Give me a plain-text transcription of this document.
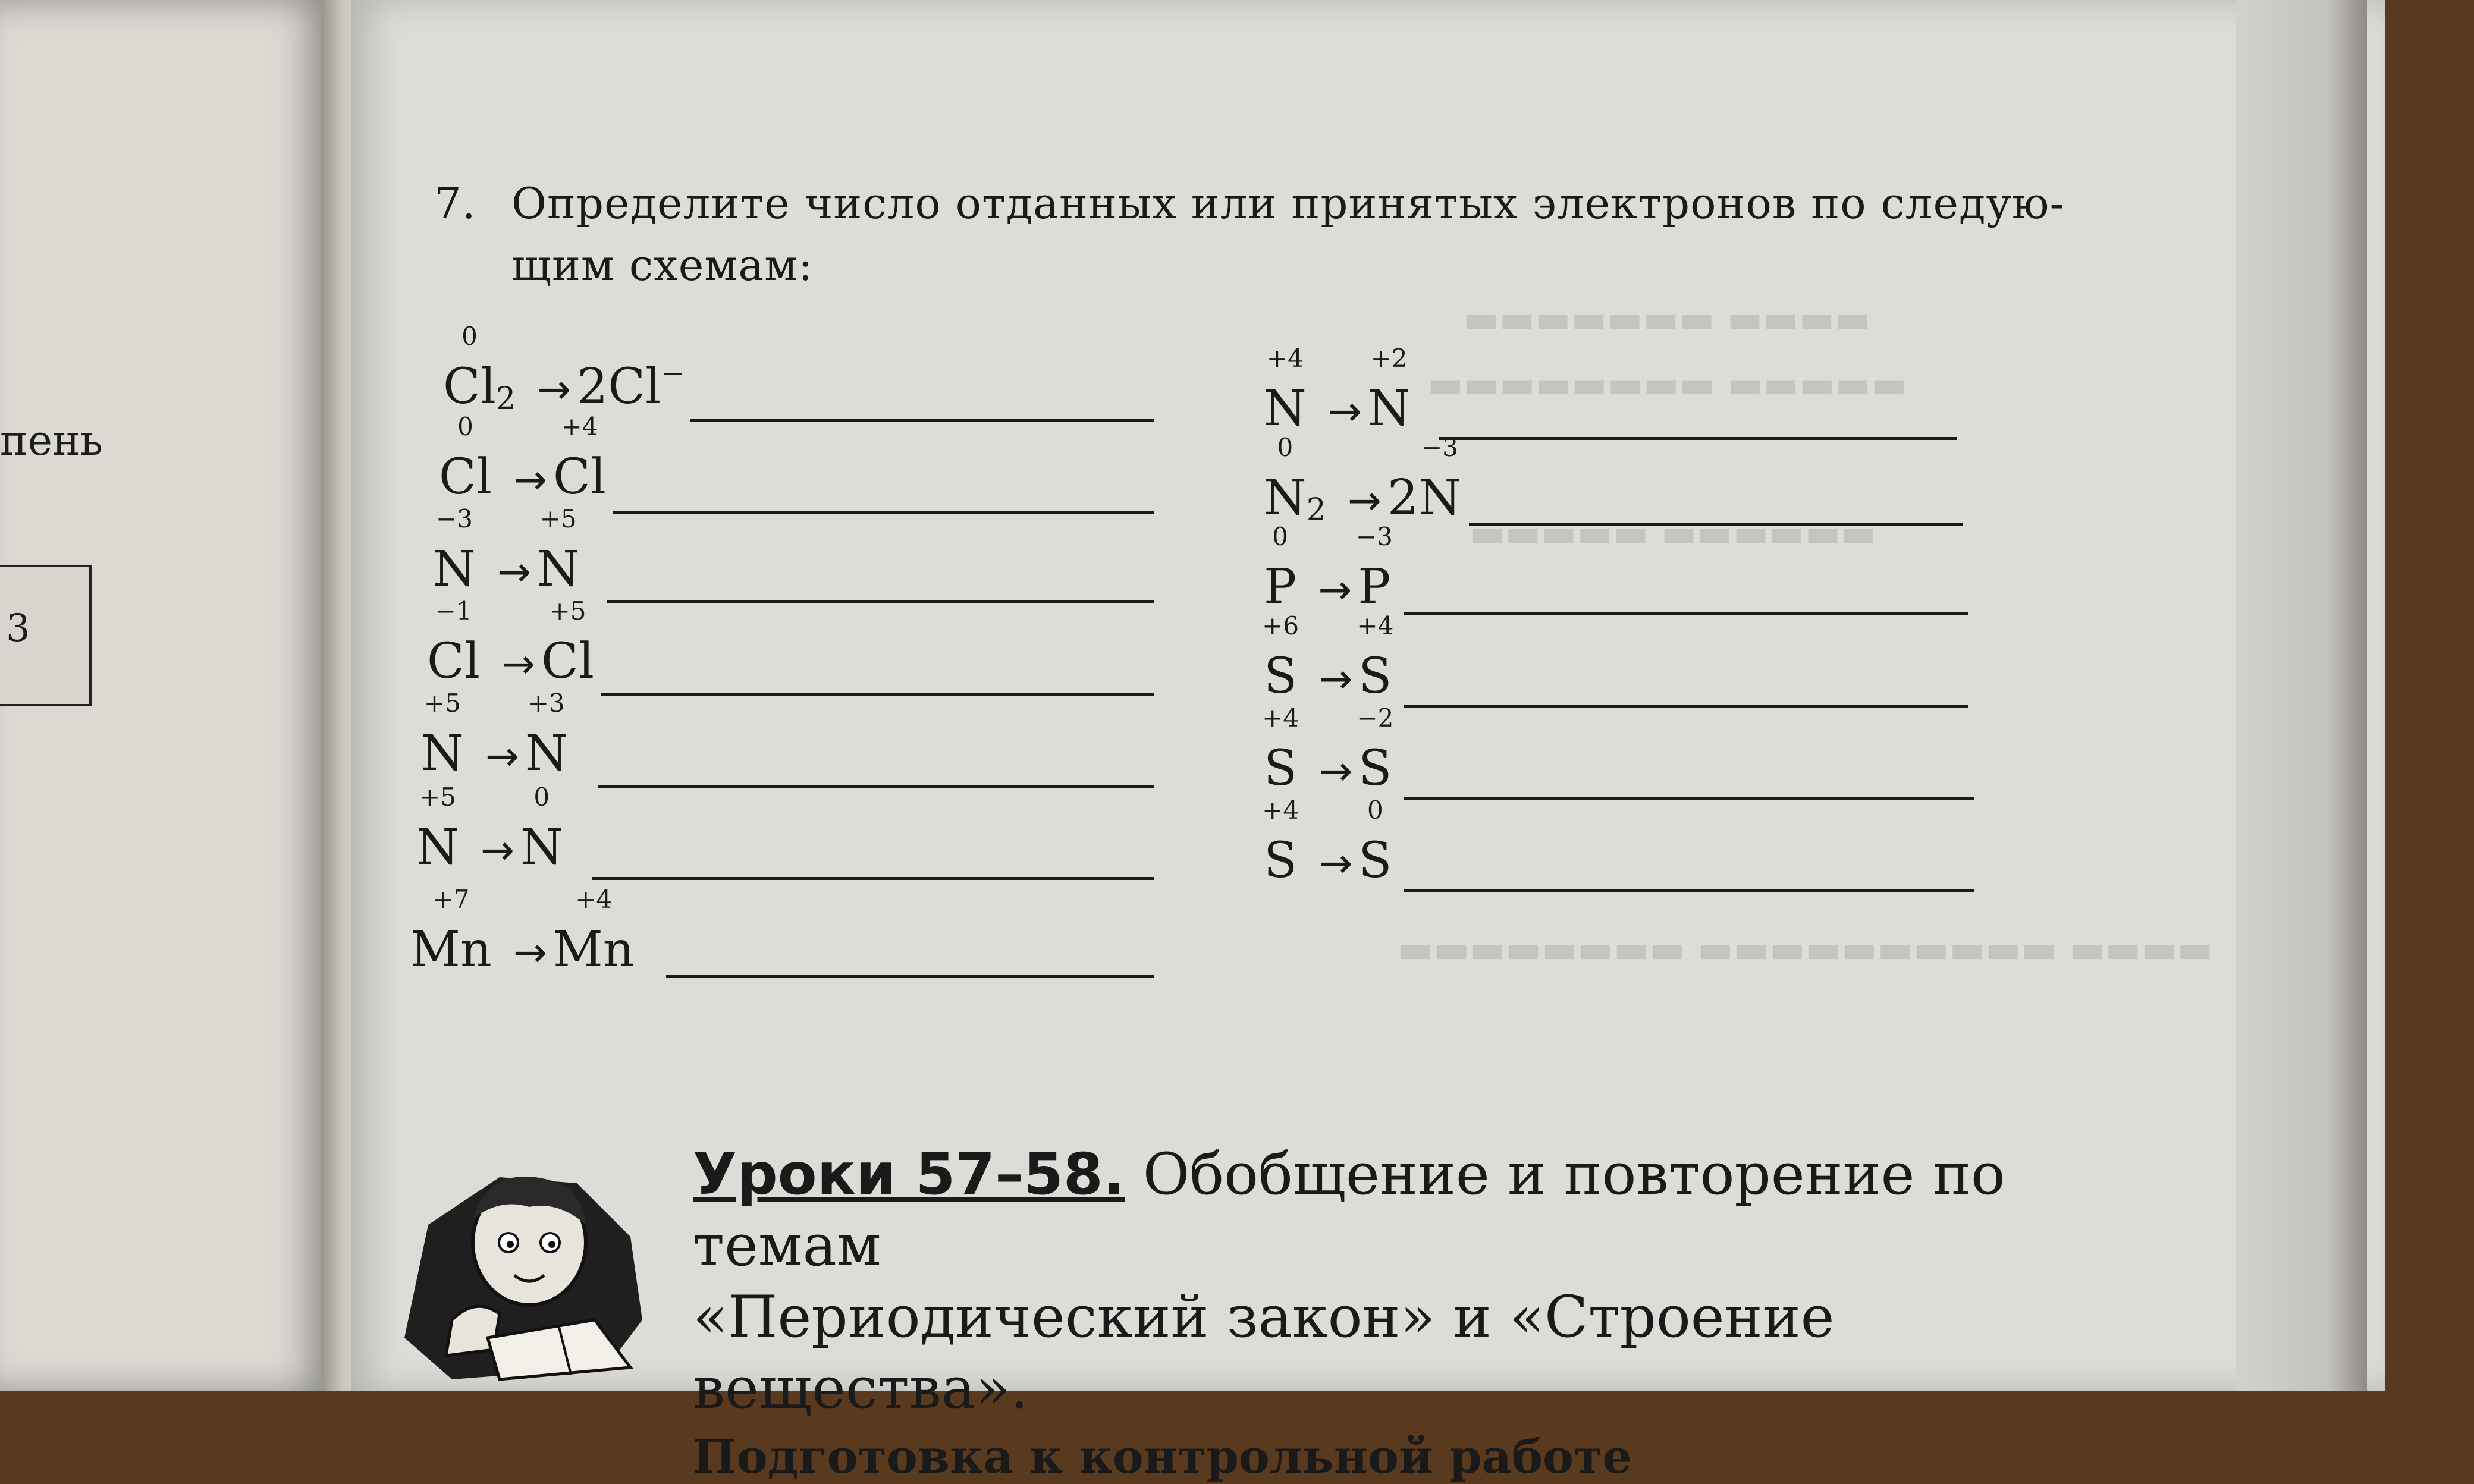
пень
3
▬▬▬▬ ▬▬▬▬▬▬▬
▬▬▬▬▬ ▬▬▬▬▬▬▬▬
▬▬▬▬▬▬ ▬▬▬▬▬
▬▬▬▬ ▬▬▬▬▬▬▬▬▬▬ ▬▬▬▬▬▬▬▬
7. Определите число отданных или принятых электронов по следую-
щим схемам:
0
Cl2 → 2
Cl−
0
Cl →
+4
Cl
−3
N →
+5
N
−1
Cl →
+5
Cl
+5
N →
+3
N
+5
N →
0
N
+7
Mn →
+4
Mn
+4
N →
+2
N
0
N2 → 2
−3
N
0
P →
−3
P
+6
S →
+4
S
+4
S →
−2
S
+4
S →
0
S
Уроки 57–58. Обобщение и повторение по темам
«Периодический закон» и «Строение вещества».
Подготовка к контрольной работе
